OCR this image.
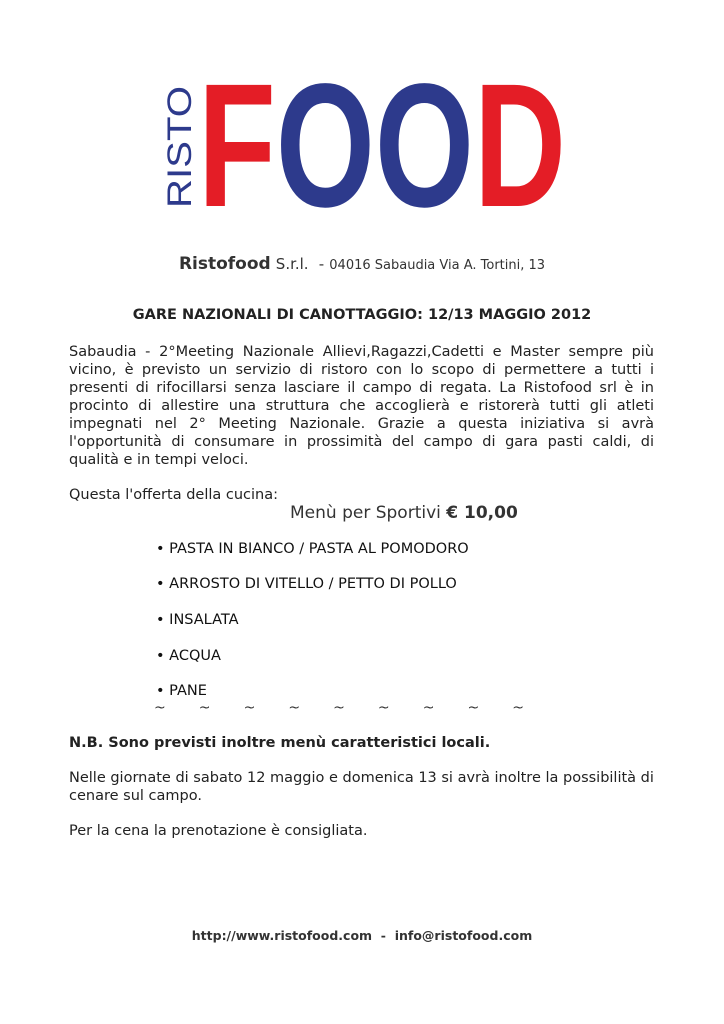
RISTO FOOD
Ristofood S.r.l. - 04016 Sabaudia Via A. Tortini, 13
GARE NAZIONALI DI CANOTTAGGIO: 12/13 MAGGIO 2012

Sabaudia - 2°Meeting Nazionale Allievi,Ragazzi,Cadetti e Master sempre più vicino, è previsto un servizio di ristoro con lo scopo di permettere a tutti i presenti di rifocillarsi senza lasciare il campo di regata. La Ristofood srl è in procinto di allestire una struttura che accoglierà e ristorerà tutti gli atleti impegnati nel 2° Meeting Nazionale. Grazie a questa iniziativa si avrà l'opportunità di consumare in prossimità del campo di gara pasti caldi, di qualità e in tempi veloci.

Questa l'offerta della cucina:

Menù per Sportivi € 10,00
• PASTA IN BIANCO / PASTA AL POMODORO
• ARROSTO DI VITELLO / PETTO DI POLLO
• INSALATA
• ACQUA
• PANE
~ ~ ~ ~ ~ ~ ~ ~ ~
N.B. Sono previsti inoltre menù caratteristici locali.

Nelle giornate di sabato 12 maggio e domenica 13 si avrà inoltre la possibilità di cenare sul campo.

Per la cena la prenotazione è consigliata.

http://www.ristofood.com - info@ristofood.com
